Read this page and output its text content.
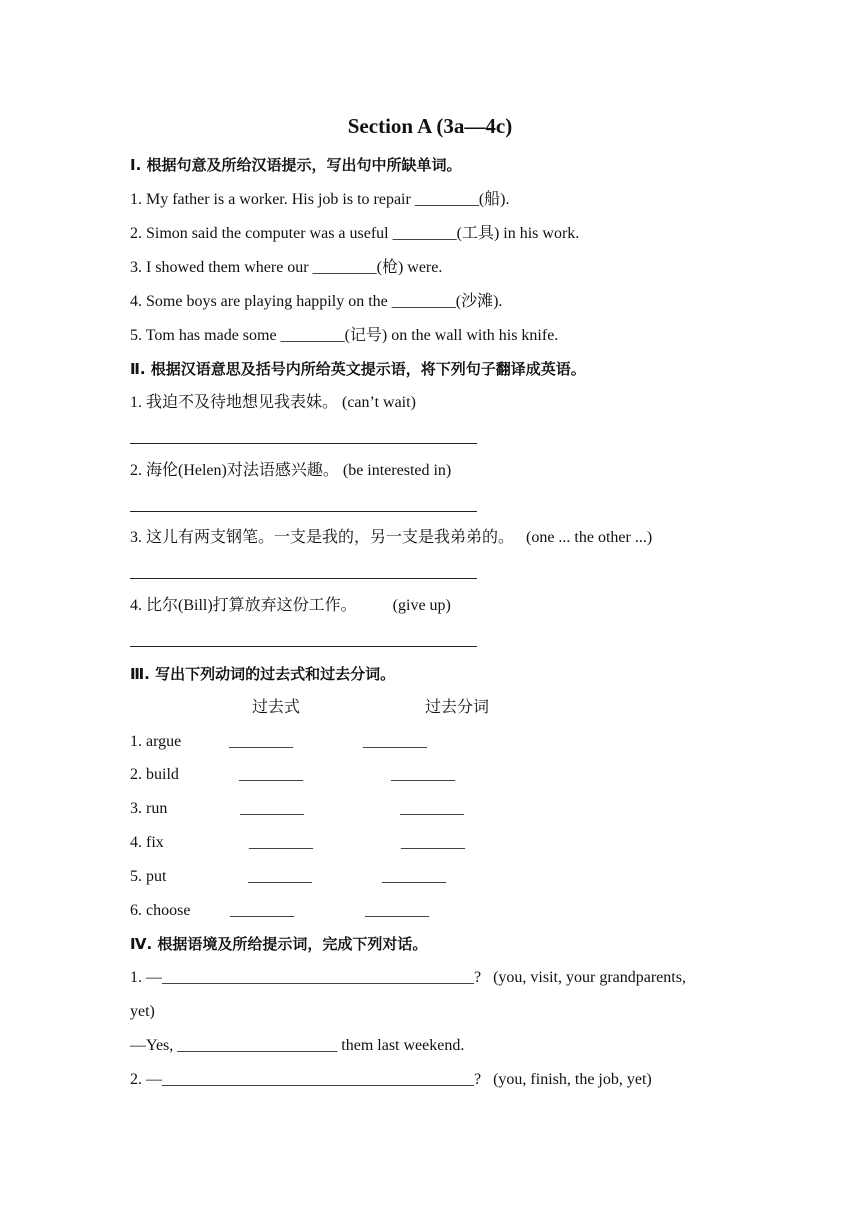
Section A (3a—4c)
Ⅰ. 根据句意及所给汉语提示，写出句中所缺单词。
1. My father is a worker. His job is to repair ________(船).
2. Simon said the computer was a useful ________(工具) in his work.
3. I showed them where our ________(枪) were.
4. Some boys are playing happily on the ________(沙滩).
5. Tom has made some ________(记号) on the wall with his knife.
Ⅱ. 根据汉语意思及括号内所给英文提示语，将下列句子翻译成英语。
1. 我迫不及待地想见我表妹。 (can’t wait)
2. 海伦(Helen)对法语感兴趣。 (be interested in)
3. 这儿有两支钢笔。一支是我的，另一支是我弟弟的。   (one ... the other ...)
4. 比尔(Bill)打算放弃这份工作。         (give up)
Ⅲ. 写出下列动词的过去式和过去分词。
过去式	过去分词
1. argue	________	________
2. build	________	________
3. run	________	________
4. fix	________	________
5. put	________	________
6. choose ________	________
Ⅳ. 根据语境及所给提示词，完成下列对话。
1. —_______________________________________?   (you, visit, your grandparents,
yet)
—Yes, ____________________ them last weekend.
2. —_______________________________________?   (you, finish, the job, yet)
